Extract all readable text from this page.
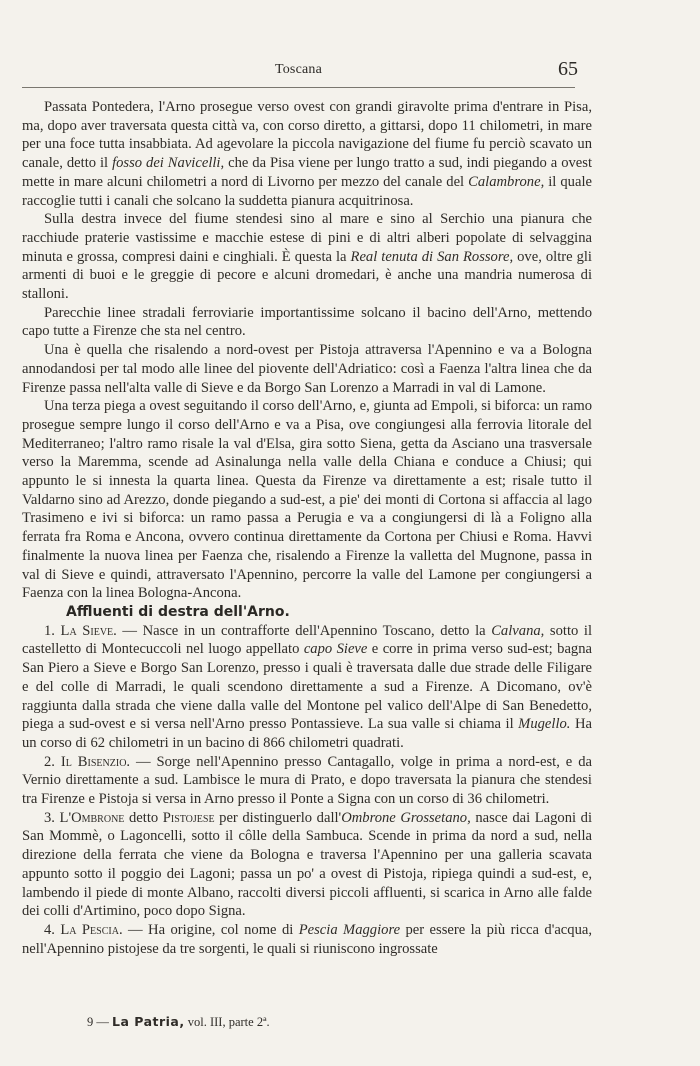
Toscana	65

Passata Pontedera, l'Arno prosegue verso ovest con grandi giravolte prima d'entrare in Pisa, ma, dopo aver traversata questa città va, con corso diretto, a gittarsi, dopo 11 chilometri, in mare per una foce tutta insabbiata. Ad agevolare la piccola navigazione del fiume fu perciò scavato un canale, detto il fosso dei Navicelli, che da Pisa viene per lungo tratto a sud, indi piegando a ovest mette in mare alcuni chilometri a nord di Livorno per mezzo del canale del Calambrone, il quale raccoglie tutti i canali che solcano la suddetta pianura acquitrinosa.

Sulla destra invece del fiume stendesi sino al mare e sino al Serchio una pianura che racchiude praterie vastissime e macchie estese di pini e di altri alberi popolate di selvaggina minuta e grossa, compresi daini e cinghiali. È questa la Real tenuta di San Rossore, ove, oltre gli armenti di buoi e le greggie di pecore e alcuni dromedari, è anche una mandria numerosa di stalloni.

Parecchie linee stradali ferroviarie importantissime solcano il bacino dell'Arno, mettendo capo tutte a Firenze che sta nel centro.

Una è quella che risalendo a nord-ovest per Pistoja attraversa l'Apennino e va a Bologna annodandosi per tal modo alle linee del piovente dell'Adriatico: così a Faenza l'altra linea che da Firenze passa nell'alta valle di Sieve e da Borgo San Lorenzo a Marradi in val di Lamone.

Una terza piega a ovest seguitando il corso dell'Arno, e, giunta ad Empoli, si biforca: un ramo prosegue sempre lungo il corso dell'Arno e va a Pisa, ove congiungesi alla ferrovia litorale del Mediterraneo; l'altro ramo risale la val d'Elsa, gira sotto Siena, getta da Asciano una trasversale verso la Maremma, scende ad Asinalunga nella valle della Chiana e conduce a Chiusi; qui appunto le si innesta la quarta linea. Questa da Firenze va direttamente a est; risale tutto il Valdarno sino ad Arezzo, donde piegando a sud-est, a pie' dei monti di Cortona si affaccia al lago Trasimeno e ivi si biforca: un ramo passa a Perugia e va a congiungersi di là a Foligno alla ferrata fra Roma e Ancona, ovvero continua direttamente da Cortona per Chiusi e Roma. Havvi finalmente la nuova linea per Faenza che, risalendo a Firenze la valletta del Mugnone, passa in val di Sieve e quindi, attraversato l'Apennino, percorre la valle del Lamone per congiungersi a Faenza con la linea Bologna-Ancona.

Affluenti di destra dell'Arno.

1. La Sieve. — Nasce in un contrafforte dell'Apennino Toscano, detto la Calvana, sotto il castelletto di Montecuccoli nel luogo appellato capo Sieve e corre in prima verso sud-est; bagna San Piero a Sieve e Borgo San Lorenzo, presso i quali è traversata dalle due strade delle Filigare e del colle di Marradi, le quali scendono direttamente a sud a Firenze. A Dicomano, ov'è raggiunta dalla strada che viene dalla valle del Montone pel valico dell'Alpe di San Benedetto, piega a sud-ovest e si versa nell'Arno presso Pontassieve. La sua valle si chiama il Mugello. Ha un corso di 62 chilometri in un bacino di 866 chilometri quadrati.

2. Il Bisenzio. — Sorge nell'Apennino presso Cantagallo, volge in prima a nord-est, e da Vernio direttamente a sud. Lambisce le mura di Prato, e dopo traversata la pianura che stendesi tra Firenze e Pistoja si versa in Arno presso il Ponte a Signa con un corso di 36 chilometri.

3. L'Ombrone detto Pistojese per distinguerlo dall'Ombrone Grossetano, nasce dai Lagoni di San Mommè, o Lagoncelli, sotto il côlle della Sambuca. Scende in prima da nord a sud, nella direzione della ferrata che viene da Bologna e traversa l'Apennino per una galleria scavata appunto sotto il poggio dei Lagoni; passa un po' a ovest di Pistoja, ripiega quindi a sud-est, e, lambendo il piede di monte Albano, raccolti diversi piccoli affluenti, si scarica in Arno alle falde dei colli d'Artimino, poco dopo Signa.

4. La Pescia. — Ha origine, col nome di Pescia Maggiore per essere la più ricca d'acqua, nell'Apennino pistojese da tre sorgenti, le quali si riuniscono ingrossate

9 — La Patria, vol. III, parte 2ª.
